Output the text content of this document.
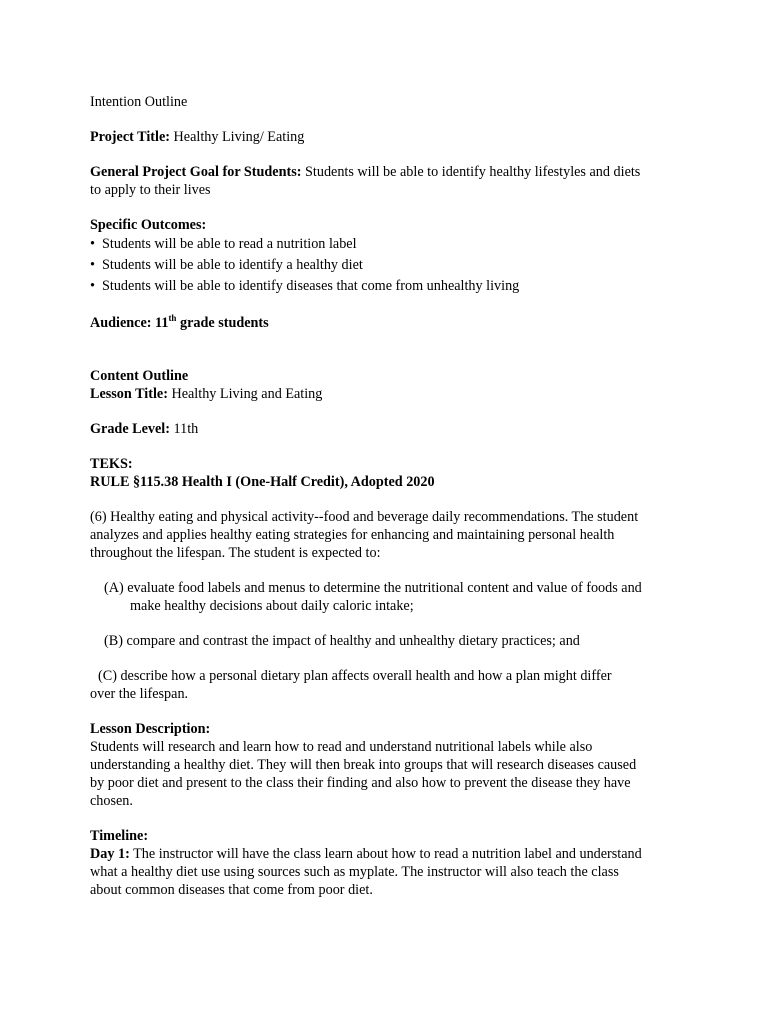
Intention Outline

Project Title: Healthy Living/ Eating

General Project Goal for Students: Students will be able to identify healthy lifestyles and diets
to apply to their lives

Specific Outcomes:

• Students will be able to read a nutrition label
• Students will be able to identify a healthy diet
• Students will be able to identify diseases that come from unhealthy living

Audience: 11th grade students

Content Outline

Lesson Title: Healthy Living and Eating

Grade Level: 11th

TEKS:

RULE §115.38 Health I (One-Half Credit), Adopted 2020

(6) Healthy eating and physical activity--food and beverage daily recommendations. The student
analyzes and applies healthy eating strategies for enhancing and maintaining personal health
throughout the lifespan. The student is expected to:

(A) evaluate food labels and menus to determine the nutritional content and value of foods and
make healthy decisions about daily caloric intake;
(B) compare and contrast the impact of healthy and unhealthy dietary practices; and

(C) describe how a personal dietary plan affects overall health and how a plan might differ

over the lifespan.

Lesson Description:

Students will research and learn how to read and understand nutritional labels while also
understanding a healthy diet. They will then break into groups that will research diseases caused
by poor diet and present to the class their finding and also how to prevent the disease they have
chosen.

Timeline:

Day 1: The instructor will have the class learn about how to read a nutrition label and understand
what a healthy diet use using sources such as myplate. The instructor will also teach the class
about common diseases that come from poor diet.
